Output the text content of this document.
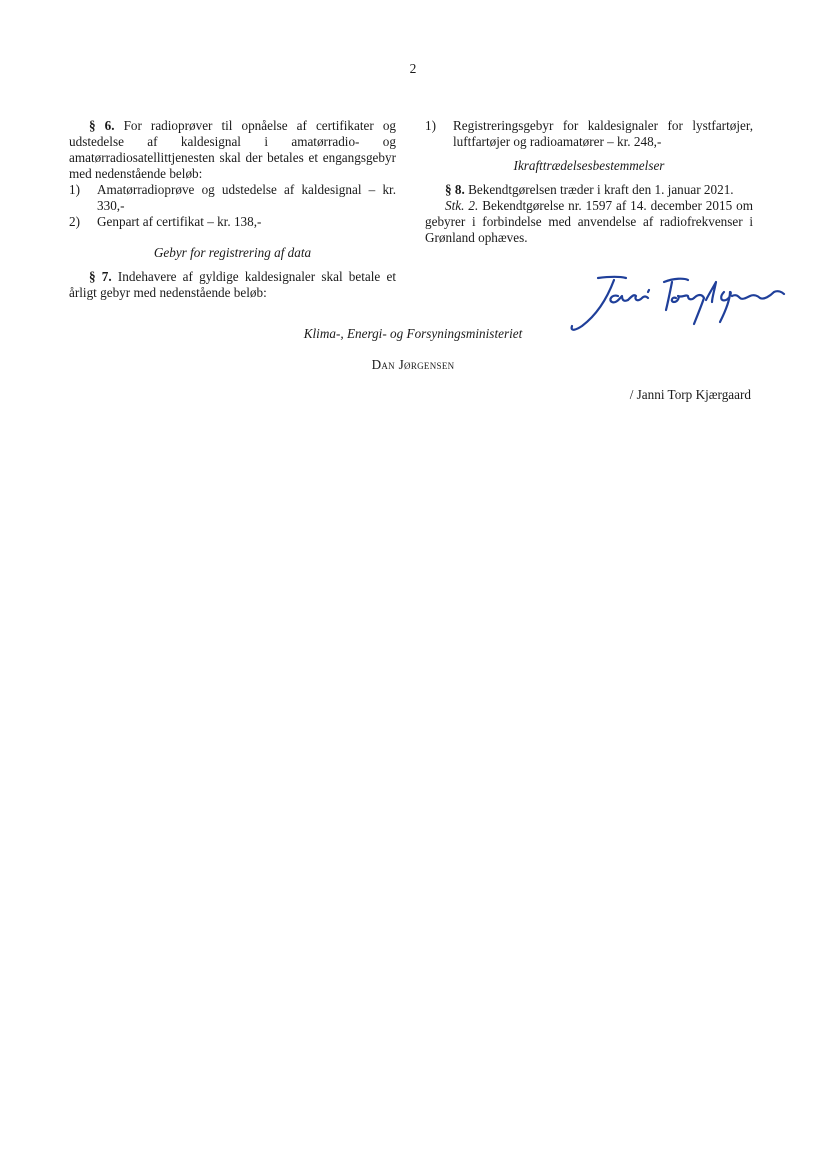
2

§ 6. For radioprøver til opnåelse af certifikater og udstedelse af kaldesignal i amatørradio- og amatørradiosatellittjenesten skal der betales et engangsgebyr med nedenstående beløb:

1)	Amatørradioprøve og udstedelse af kaldesignal – kr. 330,-
2)	Genpart af certifikat – kr. 138,-
Gebyr for registrering af data

§ 7. Indehavere af gyldige kaldesignaler skal betale et årligt gebyr med nedenstående beløb:

1)	Registreringsgebyr for kaldesignaler for lystfartøjer, luftfartøjer og radioamatører – kr. 248,-
Ikrafttrædelsesbestemmelser

§ 8. Bekendtgørelsen træder i kraft den 1. januar 2021.

Stk. 2. Bekendtgørelse nr. 1597 af 14. december 2015 om gebyrer i forbindelse med anvendelse af radiofrekvenser i Grønland ophæves.

Klima-, Energi- og Forsyningsministeriet
Dan Jørgensen
/ Janni Torp Kjærgaard
